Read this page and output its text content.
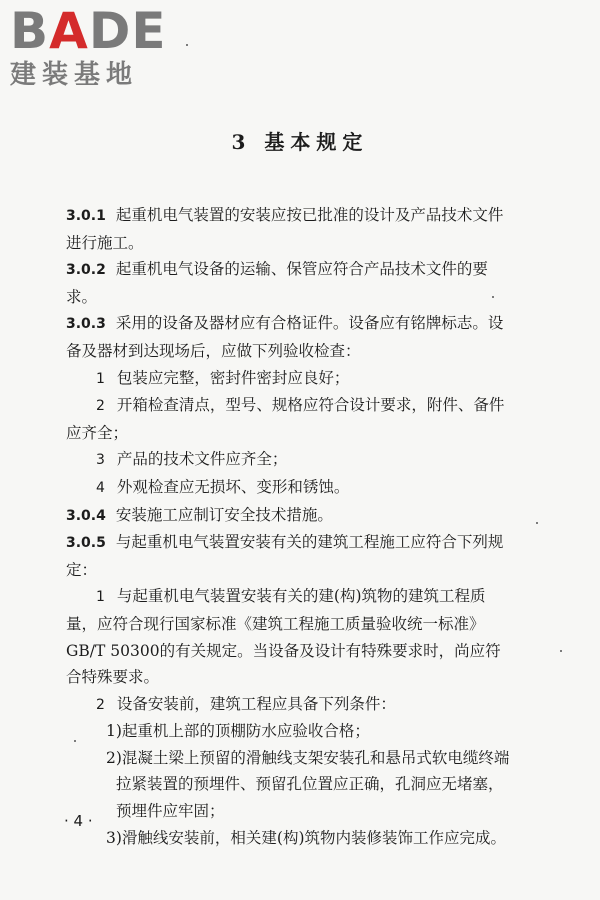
BADE
建装基地
3 基本规定

3.0.1 起重机电气装置的安装应按已批准的设计及产品技术文件进行施工。

3.0.2 起重机电气设备的运输、保管应符合产品技术文件的要求。

3.0.3 采用的设备及器材应有合格证件。设备应有铭牌标志。设备及器材到达现场后，应做下列验收检查：

1 包装应完整，密封件密封应良好；

2 开箱检查清点，型号、规格应符合设计要求，附件、备件应齐全；

3 产品的技术文件应齐全；

4 外观检查应无损坏、变形和锈蚀。

3.0.4 安装施工应制订安全技术措施。

3.0.5 与起重机电气装置安装有关的建筑工程施工应符合下列规定：

1 与起重机电气装置安装有关的建(构)筑物的建筑工程质量，应符合现行国家标准《建筑工程施工质量验收统一标准》GB/T 50300的有关规定。当设备及设计有特殊要求时，尚应符合特殊要求。

2 设备安装前，建筑工程应具备下列条件：

1)起重机上部的顶棚防水应验收合格；

2)混凝土梁上预留的滑触线支架安装孔和悬吊式软电缆终端拉紧装置的预埋件、预留孔位置应正确，孔洞应无堵塞，预埋件应牢固；

3)滑触线安装前，相关建(构)筑物内装修装饰工作应完成。

· 4 ·
